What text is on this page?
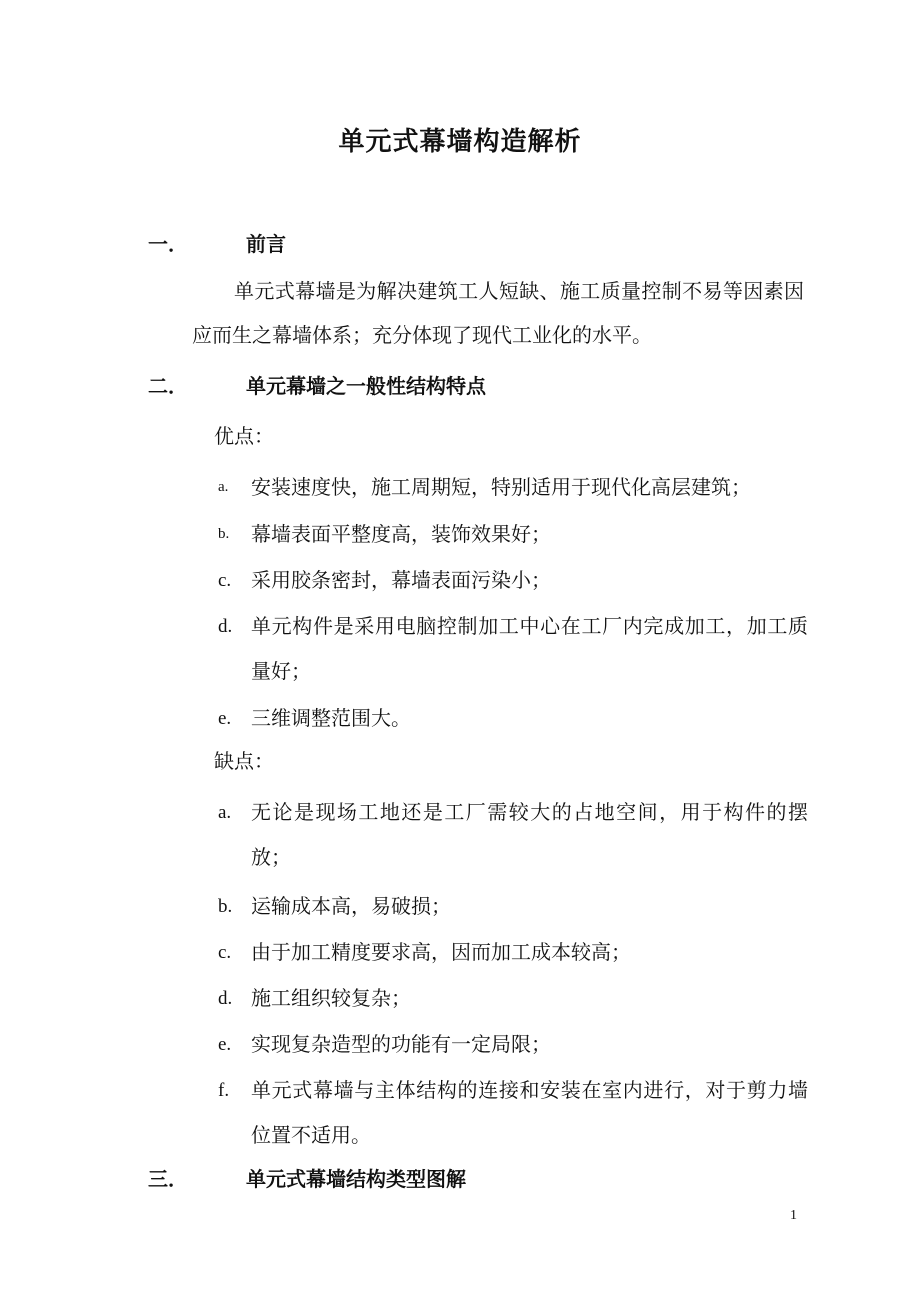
单元式幕墙构造解析
一．	前言
单元式幕墙是为解决建筑工人短缺、施工质量控制不易等因素因应而生之幕墙体系；充分体现了现代工业化的水平。
二．	单元幕墙之一般性结构特点
优点：
a.	安装速度快，施工周期短，特别适用于现代化高层建筑；
b.	幕墙表面平整度高，装饰效果好；
c. 采用胶条密封，幕墙表面污染小；
d. 单元构件是采用电脑控制加工中心在工厂内完成加工，加工质量好；
e. 三维调整范围大。
缺点：
a. 无论是现场工地还是工厂需较大的占地空间，用于构件的摆放；
b. 运输成本高，易破损；
c. 由于加工精度要求高，因而加工成本较高；
d. 施工组织较复杂；
e. 实现复杂造型的功能有一定局限；
f.	单元式幕墙与主体结构的连接和安装在室内进行，对于剪力墙位置不适用。
三．	单元式幕墙结构类型图解
1
